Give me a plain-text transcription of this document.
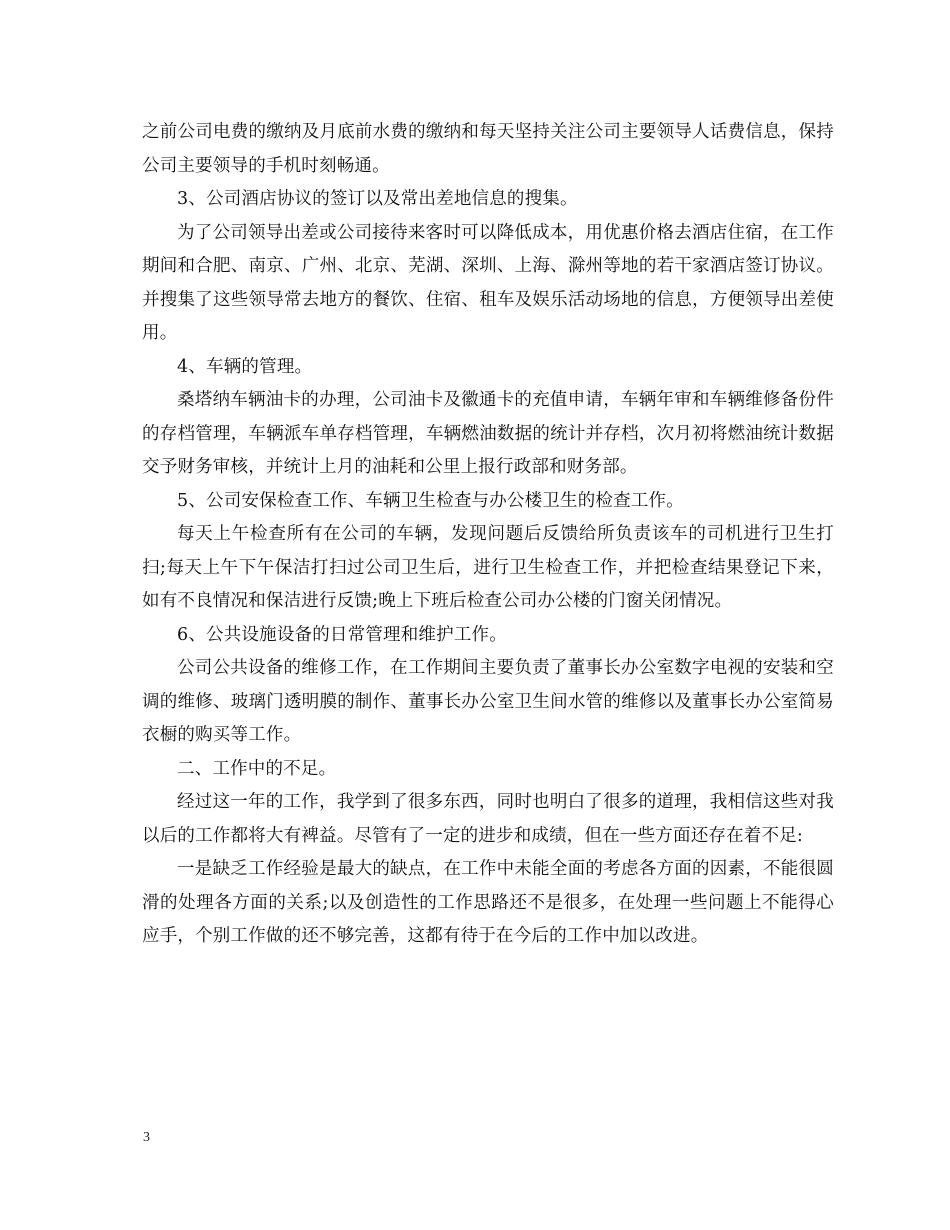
之前公司电费的缴纳及月底前水费的缴纳和每天坚持关注公司主要领导人话费信息，保持公司主要领导的手机时刻畅通。

3、公司酒店协议的签订以及常出差地信息的搜集。

为了公司领导出差或公司接待来客时可以降低成本，用优惠价格去酒店住宿，在工作期间和合肥、南京、广州、北京、芜湖、深圳、上海、滁州等地的若干家酒店签订协议。并搜集了这些领导常去地方的餐饮、住宿、租车及娱乐活动场地的信息，方便领导出差使用。

4、车辆的管理。

桑塔纳车辆油卡的办理，公司油卡及徽通卡的充值申请，车辆年审和车辆维修备份件的存档管理，车辆派车单存档管理，车辆燃油数据的统计并存档，次月初将燃油统计数据交予财务审核，并统计上月的油耗和公里上报行政部和财务部。

5、公司安保检查工作、车辆卫生检查与办公楼卫生的检查工作。

每天上午检查所有在公司的车辆，发现问题后反馈给所负责该车的司机进行卫生打扫;每天上午下午保洁打扫过公司卫生后，进行卫生检查工作，并把检查结果登记下来，如有不良情况和保洁进行反馈;晚上下班后检查公司办公楼的门窗关闭情况。

6、公共设施设备的日常管理和维护工作。

公司公共设备的维修工作，在工作期间主要负责了董事长办公室数字电视的安装和空调的维修、玻璃门透明膜的制作、董事长办公室卫生间水管的维修以及董事长办公室简易衣橱的购买等工作。

二、工作中的不足。

经过这一年的工作，我学到了很多东西，同时也明白了很多的道理，我相信这些对我以后的工作都将大有裨益。尽管有了一定的进步和成绩，但在一些方面还存在着不足:

一是缺乏工作经验是最大的缺点，在工作中未能全面的考虑各方面的因素，不能很圆滑的处理各方面的关系;以及创造性的工作思路还不是很多，在处理一些问题上不能得心应手，个别工作做的还不够完善，这都有待于在今后的工作中加以改进。

3
